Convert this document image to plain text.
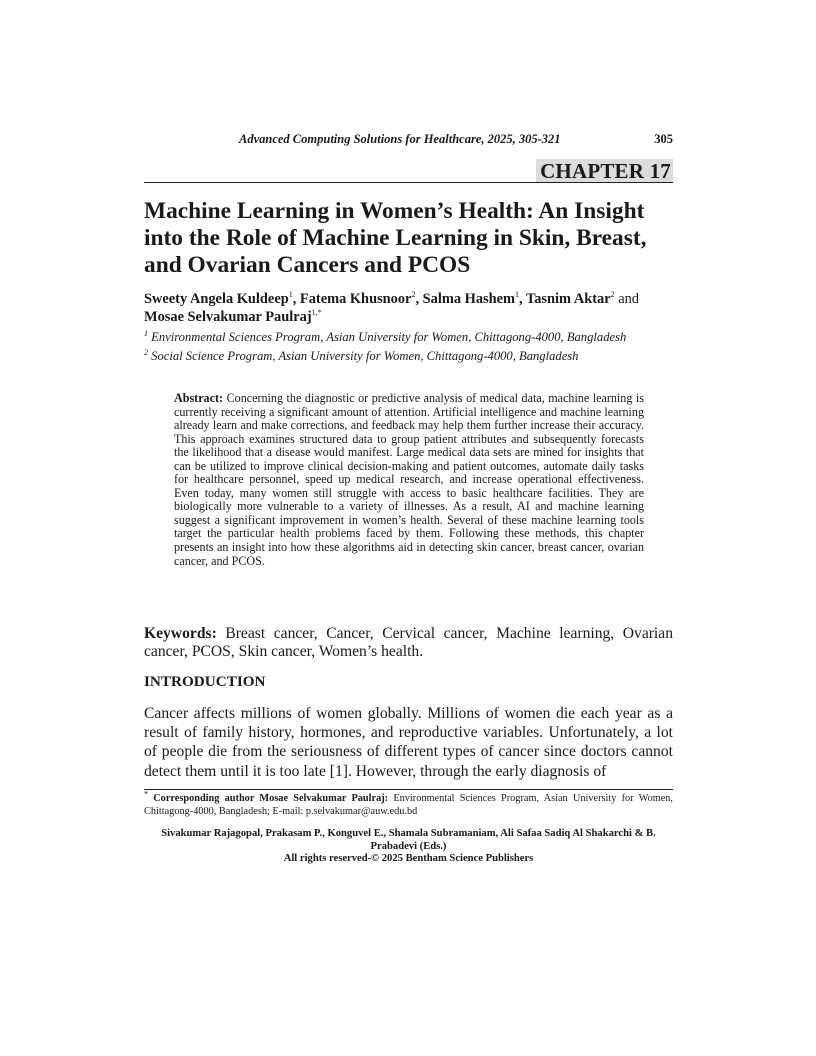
Advanced Computing Solutions for Healthcare, 2025, 305-321	305
CHAPTER 17
Machine Learning in Women’s Health: An Insight into the Role of Machine Learning in Skin, Breast, and Ovarian Cancers and PCOS

Sweety Angela Kuldeep$^1$, Fatema Khusnoor$^2$, Salma Hashem$^1$, Tasnim Aktar$^2$ and Mosae Selvakumar Paulraj$^{1,*}$

$^1$ Environmental Sciences Program, Asian University for Women, Chittagong-4000, Bangladesh

$^2$ Social Science Program, Asian University for Women, Chittagong-4000, Bangladesh

Abstract: Concerning the diagnostic or predictive analysis of medical data, machine learning is currently receiving a significant amount of attention. Artificial intelligence and machine learning already learn and make corrections, and feedback may help them further increase their accuracy. This approach examines structured data to group patient attributes and subsequently forecasts the likelihood that a disease would manifest. Large medical data sets are mined for insights that can be utilized to improve clinical decision-making and patient outcomes, automate daily tasks for healthcare personnel, speed up medical research, and increase operational effectiveness. Even today, many women still struggle with access to basic healthcare facilities. They are biologically more vulnerable to a variety of illnesses. As a result, AI and machine learning suggest a significant improvement in women’s health. Several of these machine learning tools target the particular health problems faced by them. Following these methods, this chapter presents an insight into how these algorithms aid in detecting skin cancer, breast cancer, ovarian cancer, and PCOS.

Keywords: Breast cancer, Cancer, Cervical cancer, Machine learning, Ovarian cancer, PCOS, Skin cancer, Women’s health.

INTRODUCTION

Cancer affects millions of women globally. Millions of women die each year as a result of family history, hormones, and reproductive variables. Unfortunately, a lot of people die from the seriousness of different types of cancer since doctors cannot detect them until it is too late [1]. However, through the early diagnosis of

* Corresponding author Mosae Selvakumar Paulraj: Environmental Sciences Program, Asian University for Women, Chittagong-4000, Bangladesh; E-mail: p.selvakumar@auw.edu.bd

Sivakumar Rajagopal, Prakasam P., Konguvel E., Shamala Subramaniam, Ali Safaa Sadiq Al Shakarchi & B. Prabadevi (Eds.)
All rights reserved-© 2025 Bentham Science Publishers
